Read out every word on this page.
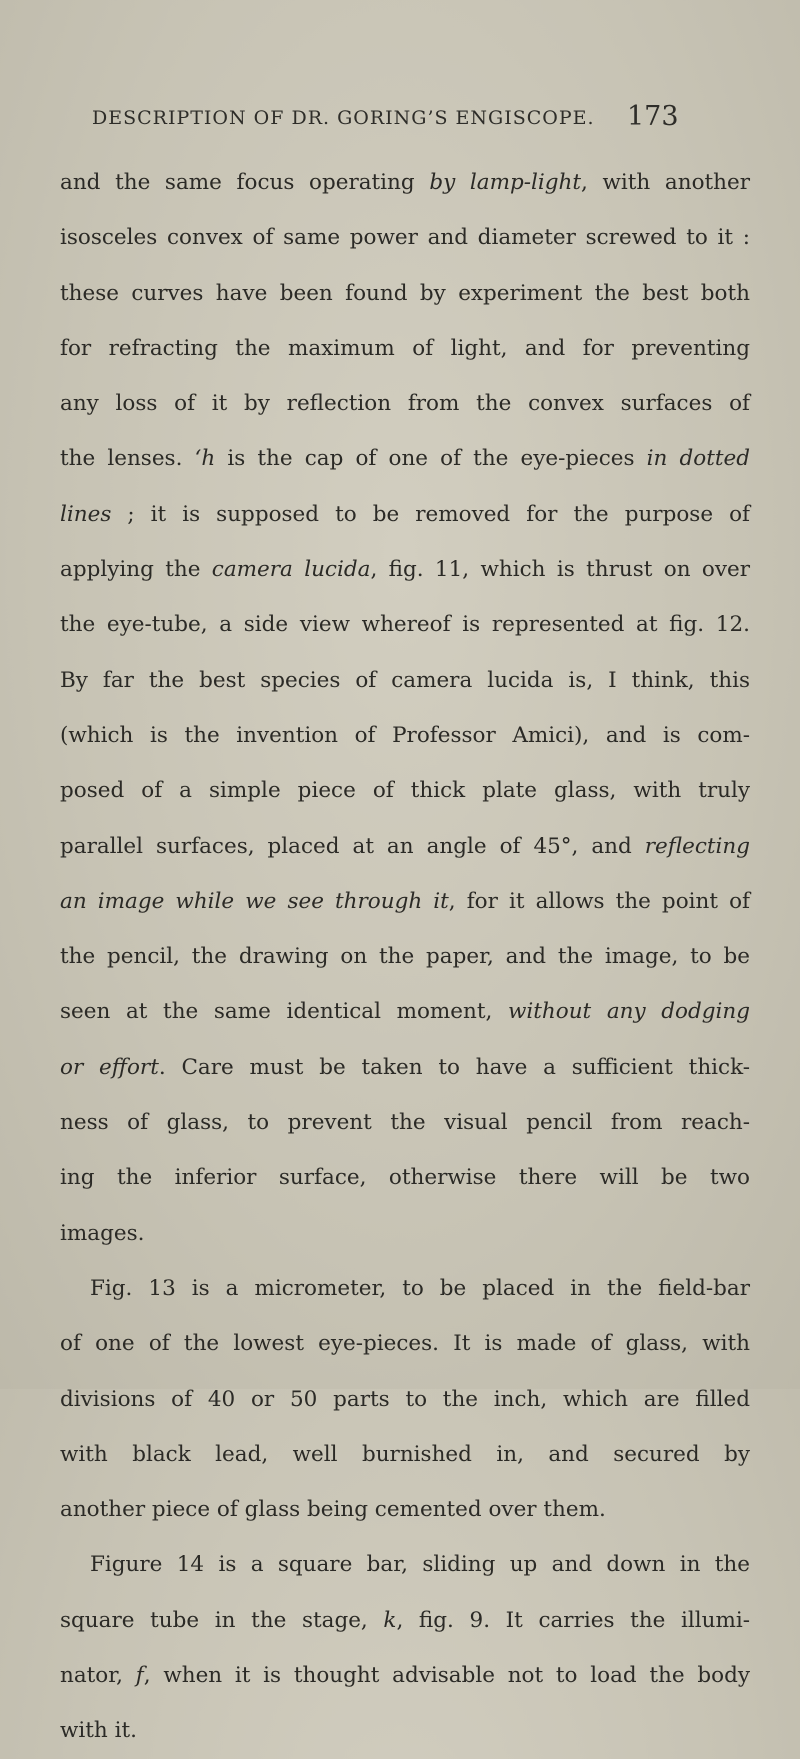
DESCRIPTION OF DR. GORING’S ENGISCOPE. 173
and the same focus operating by lamp-light, with another
isosceles convex of same power and diameter screwed to it :
these curves have been found by experiment the best both
for refracting the maximum of light, and for preventing
any loss of it by reflection from the convex surfaces of
the lenses. ‘h is the cap of one of the eye-pieces in dotted
lines ; it is supposed to be removed for the purpose of
applying the camera lucida, fig. 11, which is thrust on over
the eye-tube, a side view whereof is represented at fig. 12.
By far the best species of camera lucida is, I think, this
(which is the invention of Professor Amici), and is com-
posed of a simple piece of thick plate glass, with truly
parallel surfaces, placed at an angle of 45°, and reflecting
an image while we see through it, for it allows the point of
the pencil, the drawing on the paper, and the image, to be
seen at the same identical moment, without any dodging
or effort. Care must be taken to have a sufficient thick-
ness of glass, to prevent the visual pencil from reach-
ing the inferior surface, otherwise there will be two
images.
Fig. 13 is a micrometer, to be placed in the field-bar
of one of the lowest eye-pieces. It is made of glass, with
divisions of 40 or 50 parts to the inch, which are filled
with black lead, well burnished in, and secured by
another piece of glass being cemented over them.
Figure 14 is a square bar, sliding up and down in the
square tube in the stage, k, fig. 9. It carries the illumi-
nator, f, when it is thought advisable not to load the body
with it.
